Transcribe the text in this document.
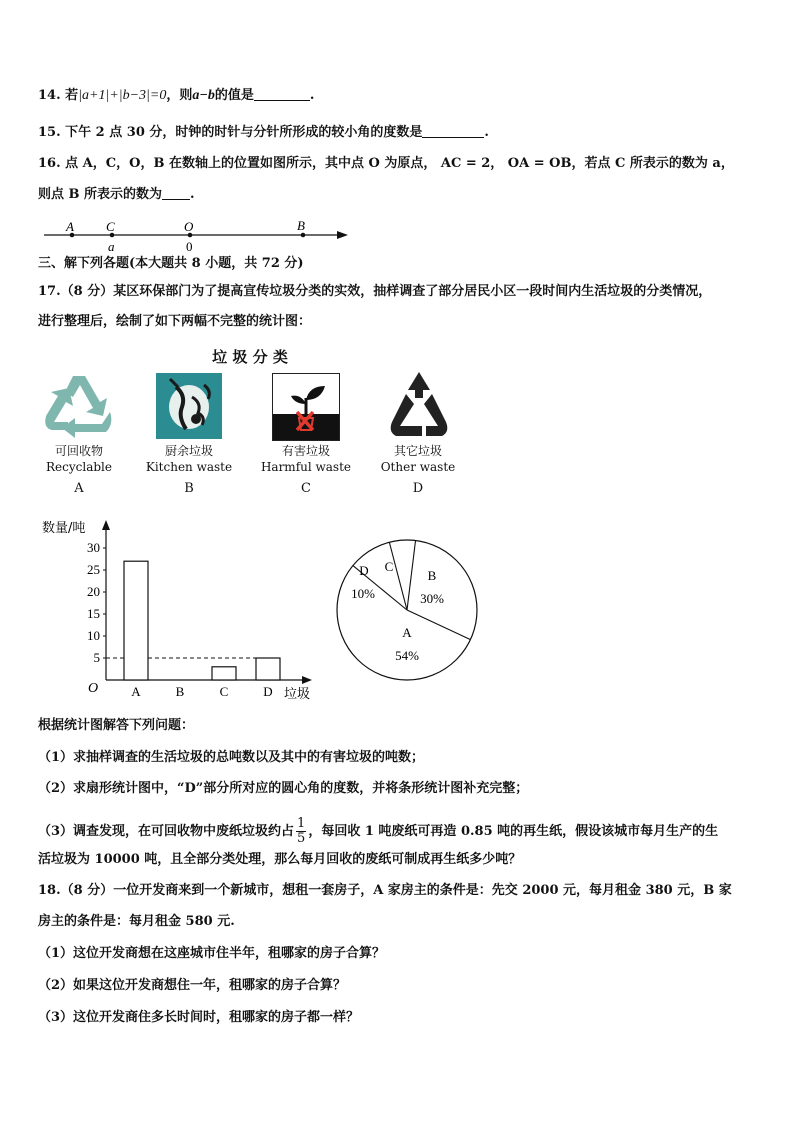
14. 若|a+1|+|b−3|=0，则a−b的值是	.
15. 下午 2 点 30 分，时钟的时针与分针所形成的较小角的度数是	.
16. 点 A，C，O，B 在数轴上的位置如图所示，其中点 O 为原点， AC = 2， OA = OB，若点 C 所表示的数为 a，
则点 B 所表示的数为 .
A C	O	B
a	0
三、解下列各题(本大题共 8 小题，共 72 分)
17.（8 分）某区环保部门为了提高宣传垃圾分类的实效，抽样调查了部分居民小区一段时间内生活垃圾的分类情况，
进行整理后，绘制了如下两幅不完整的统计图：
垃 圾 分 类
可回收物
Recyclable
A
厨余垃圾
Kitchen waste
B
有害垃圾
Harmful waste
C
其它垃圾
Other waste
D
数量/吨
O	垃圾
5
10
15
20
25
30
A	B	C	D
B
30%
A
54%
D
10%
C
根据统计图解答下列问题：
（1）求抽样调查的生活垃圾的总吨数以及其中的有害垃圾的吨数；
（2）求扇形统计图中，“D”部分所对应的圆心角的度数，并将条形统计图补充完整；
（3）调查发现，在可回收物中废纸垃圾约占 $\frac{1}{5}$ ，每回收 1 吨废纸可再造 0.85 吨的再生纸，假设该城市每月生产的生
活垃圾为 10000 吨，且全部分类处理，那么每月回收的废纸可制成再生纸多少吨？
18.（8 分）一位开发商来到一个新城市，想租一套房子，A 家房主的条件是：先交 2000 元，每月租金 380 元，B 家
房主的条件是：每月租金 580 元.
（1）这位开发商想在这座城市住半年，租哪家的房子合算？
（2）如果这位开发商想住一年，租哪家的房子合算？
（3）这位开发商住多长时间时，租哪家的房子都一样？
